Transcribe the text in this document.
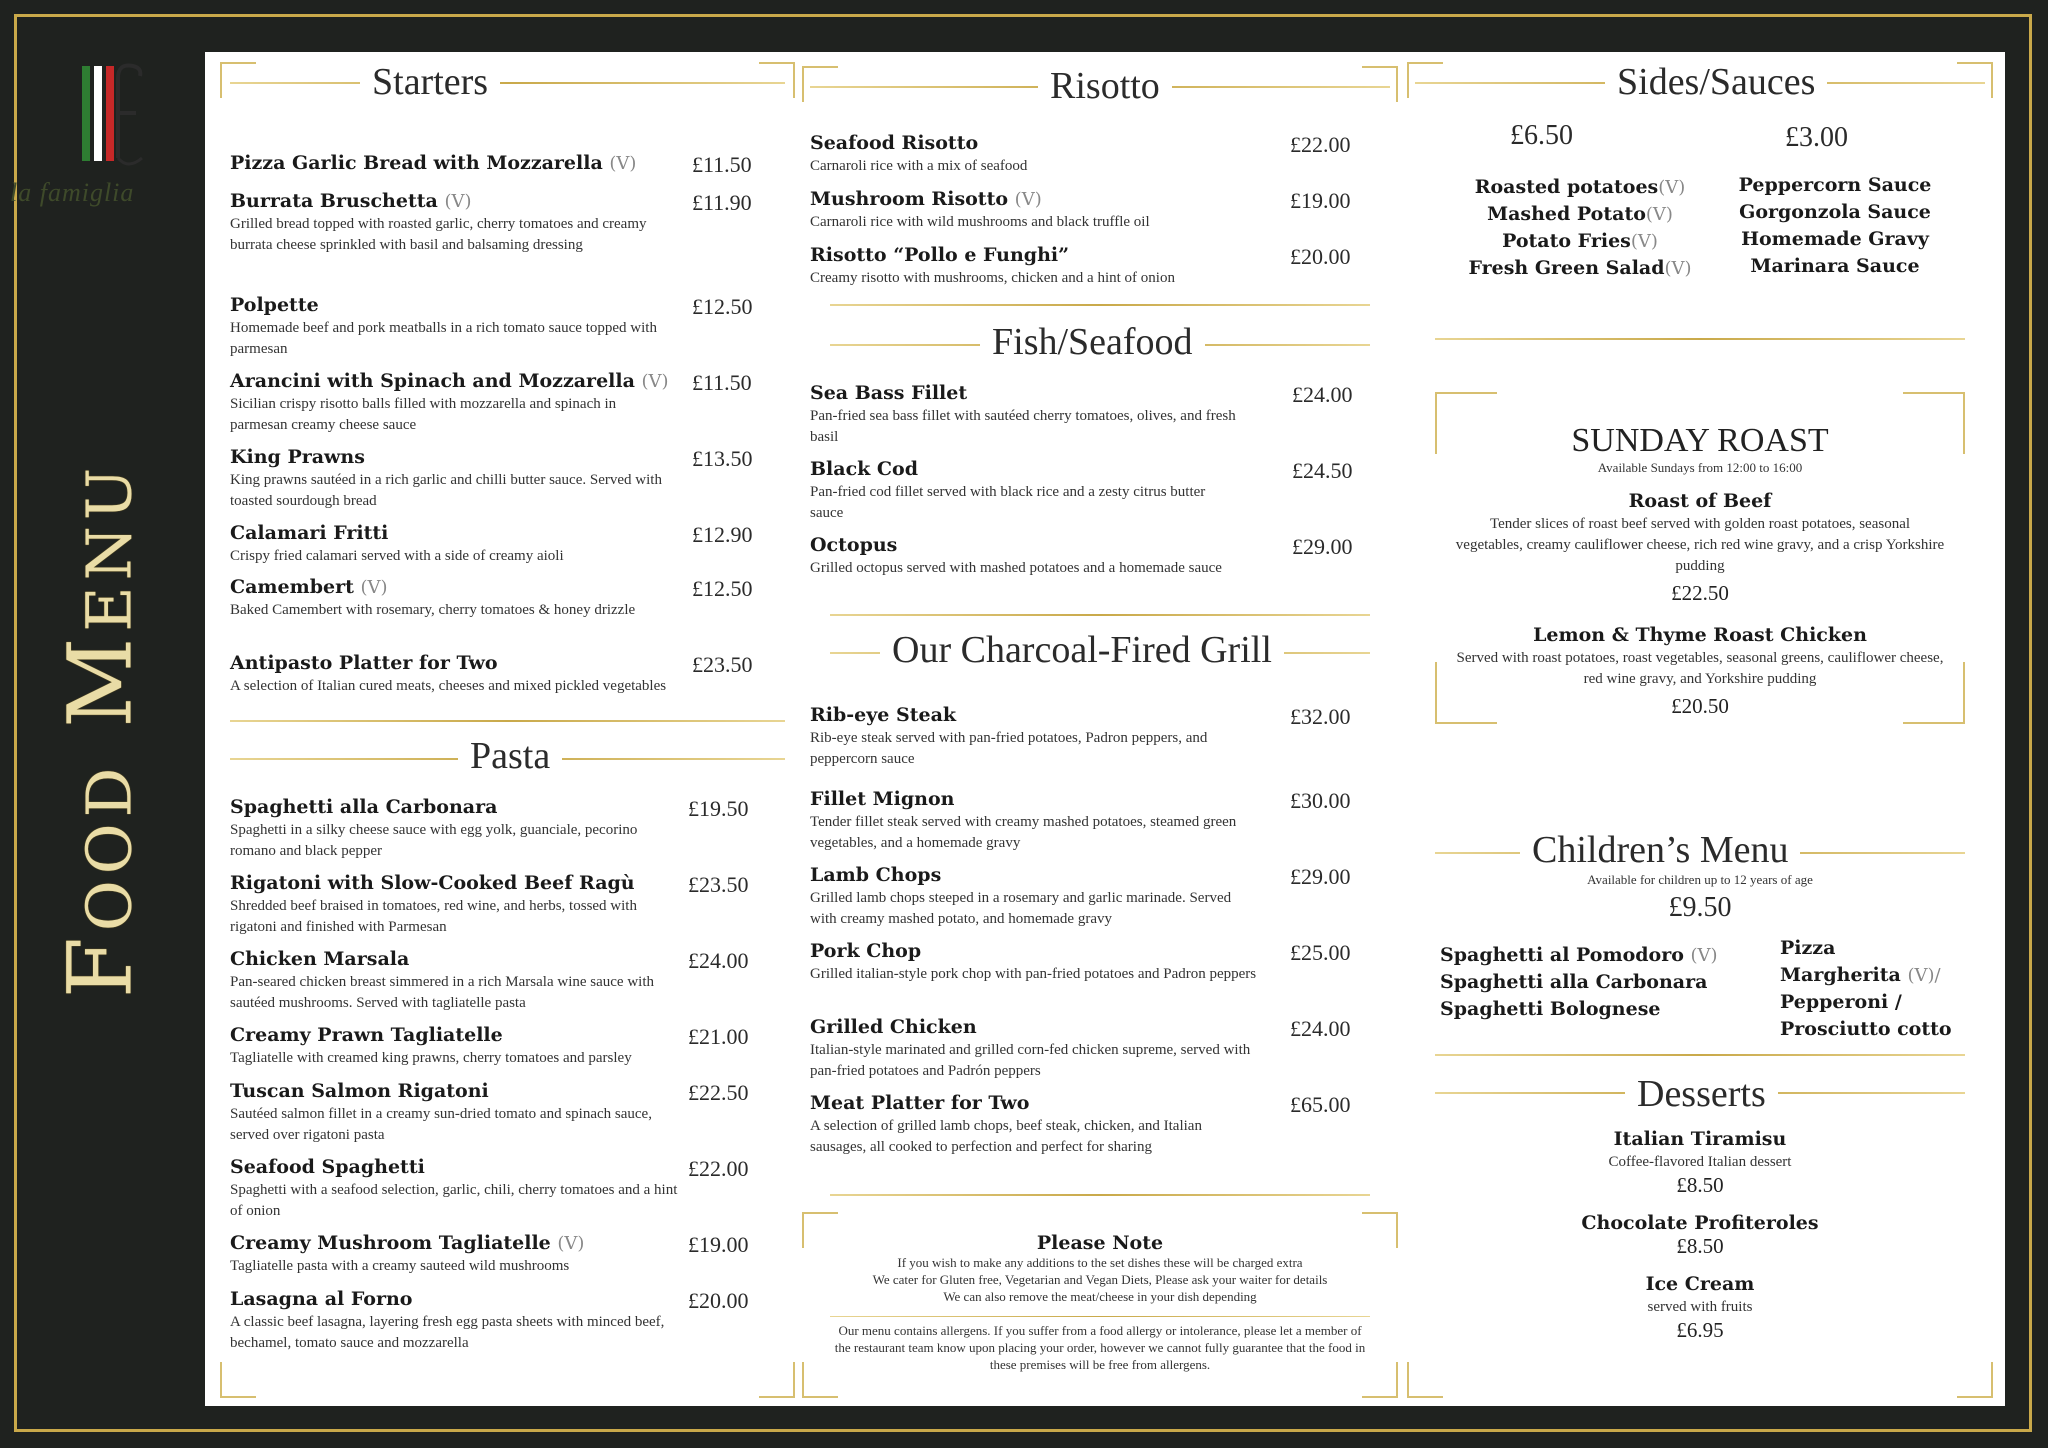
la famiglia
Food Menu
Starters
Pizza Garlic Bread with Mozzarella (V)	£11.50
Burrata Bruschetta (V)
Grilled bread topped with roasted garlic, cherry tomatoes and creamy burrata cheese sprinkled with basil and balsaming dressing
£11.90
Polpette
Homemade beef and pork meatballs in a rich tomato sauce topped with parmesan
£12.50
Arancini with Spinach and Mozzarella (V)
Sicilian crispy risotto balls filled with mozzarella and spinach in parmesan creamy cheese sauce
£11.50
King Prawns
King prawns sautéed in a rich garlic and chilli butter sauce. Served with toasted sourdough bread
£13.50
Calamari Fritti
Crispy fried calamari served with a side of creamy aioli
£12.90
Camembert (V)
Baked Camembert with rosemary, cherry tomatoes & honey drizzle
£12.50
Antipasto Platter for Two
A selection of Italian cured meats, cheeses and mixed pickled vegetables
£23.50
Pasta
Spaghetti alla Carbonara
Spaghetti in a silky cheese sauce with egg yolk, guanciale, pecorino romano and black pepper
£19.50
Rigatoni with Slow-Cooked Beef Ragù
Shredded beef braised in tomatoes, red wine, and herbs, tossed with rigatoni and finished with Parmesan
£23.50
Chicken Marsala
Pan-seared chicken breast simmered in a rich Marsala wine sauce with sautéed mushrooms. Served with tagliatelle pasta
£24.00
Creamy Prawn Tagliatelle
Tagliatelle with creamed king prawns, cherry tomatoes and parsley
£21.00
Tuscan Salmon Rigatoni
Sautéed salmon fillet in a creamy sun-dried tomato and spinach sauce, served over rigatoni pasta
£22.50
Seafood Spaghetti
Spaghetti with a seafood selection, garlic, chili, cherry tomatoes and a hint of onion
£22.00
Creamy Mushroom Tagliatelle (V)
Tagliatelle pasta with a creamy sauteed wild mushrooms
£19.00
Lasagna al Forno
A classic beef lasagna, layering fresh egg pasta sheets with minced beef, bechamel, tomato sauce and mozzarella
£20.00
Risotto
Seafood Risotto
Carnaroli rice with a mix of seafood
£22.00
Mushroom Risotto (V)
Carnaroli rice with wild mushrooms and black truffle oil
£19.00
Risotto “Pollo e Funghi”
Creamy risotto with mushrooms, chicken and a hint of onion
£20.00
Fish/Seafood
Sea Bass Fillet
Pan-fried sea bass fillet with sautéed cherry tomatoes, olives, and fresh basil
£24.00
Black Cod
Pan-fried cod fillet served with black rice and a zesty citrus butter sauce
£24.50
Octopus
Grilled octopus served with mashed potatoes and a homemade sauce
£29.00
Our Charcoal-Fired Grill
Rib-eye Steak
Rib-eye steak served with pan-fried potatoes, Padron peppers, and peppercorn sauce
£32.00
Fillet Mignon
Tender fillet steak served with creamy mashed potatoes, steamed green vegetables, and a homemade gravy
£30.00
Lamb Chops
Grilled lamb chops steeped in a rosemary and garlic marinade. Served with creamy mashed potato, and homemade gravy
£29.00
Pork Chop
Grilled italian-style pork chop with pan-fried potatoes and Padron peppers
£25.00
Grilled Chicken
Italian-style marinated and grilled corn-fed chicken supreme, served with pan-fried potatoes and Padrón peppers
£24.00
Meat Platter for Two
A selection of grilled lamb chops, beef steak, chicken, and Italian sausages, all cooked to perfection and perfect for sharing
£65.00
Please Note
If you wish to make any additions to the set dishes these will be charged extra
We cater for Gluten free, Vegetarian and Vegan Diets, Please ask your waiter for details
We can also remove the meat/cheese in your dish depending
Our menu contains allergens. If you suffer from a food allergy or intolerance, please let a member of the restaurant team know upon placing your order, however we cannot fully guarantee that the food in these premises will be free from allergens.
Sides/Sauces
£6.50	£3.00
Roasted potatoes(V)
Mashed Potato(V)
Potato Fries(V)
Fresh Green Salad(V)
Peppercorn Sauce
Gorgonzola Sauce
Homemade Gravy
Marinara Sauce
SUNDAY ROAST
Available Sundays from 12:00 to 16:00
Roast of Beef
Tender slices of roast beef served with golden roast potatoes, seasonal vegetables, creamy cauliflower cheese, rich red wine gravy, and a crisp Yorkshire pudding
£22.50
Lemon & Thyme Roast Chicken
Served with roast potatoes, roast vegetables, seasonal greens, cauliflower cheese, red wine gravy, and Yorkshire pudding
£20.50
Children’s Menu
Available for children up to 12 years of age
£9.50
Spaghetti al Pomodoro (V)
Spaghetti alla Carbonara
Spaghetti Bolognese
Pizza
Margherita (V)/
Pepperoni /
Prosciutto cotto
Desserts
Italian Tiramisu
Coffee-flavored Italian dessert
£8.50
Chocolate Profiteroles
£8.50
Ice Cream
served with fruits
£6.95
